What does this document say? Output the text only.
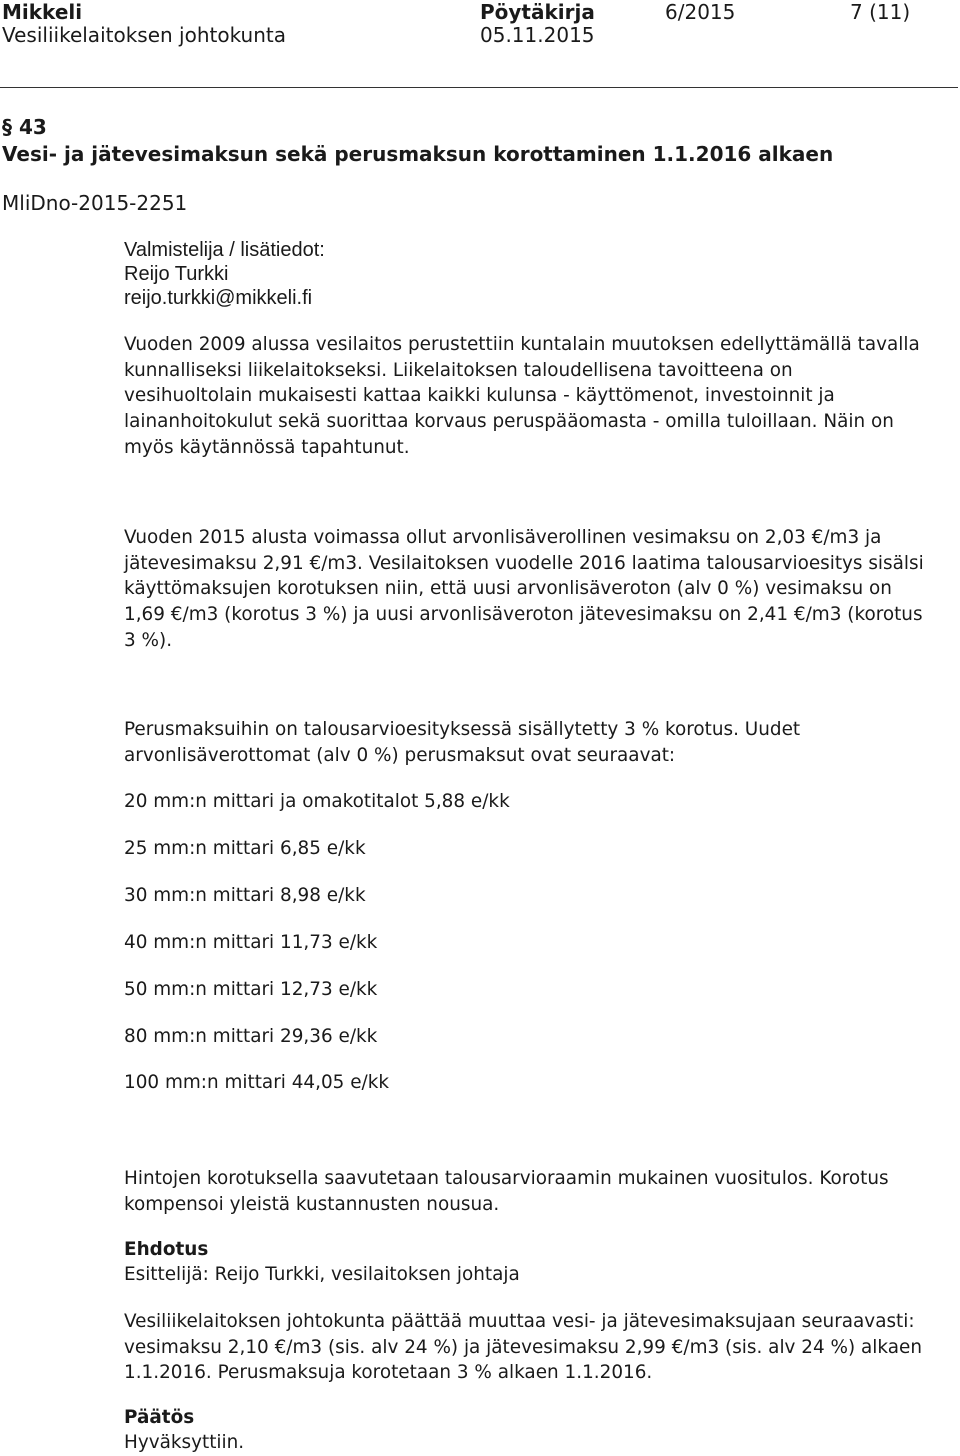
Mikkeli
Vesiliikelaitoksen johtokunta
Pöytäkirja
05.11.2015
6/2015	7 (11)
§ 43
Vesi- ja jätevesimaksun sekä perusmaksun korottaminen 1.1.2016 alkaen
MliDno-2015-2251
Valmistelija / lisätiedot:
Reijo Turkki
reijo.turkki@mikkeli.fi

Vuoden 2009 alussa vesilaitos perustettiin kuntalain muutoksen edellyttämällä tavalla kunnalliseksi liikelaitokseksi. Liikelaitoksen taloudellisena tavoitteena on vesihuoltolain mukaisesti kattaa kaikki kulunsa - käyttömenot, investoinnit ja lainanhoitokulut sekä suorittaa korvaus peruspääomasta - omilla tuloillaan. Näin on myös käytännössä tapahtunut.

Vuoden 2015 alusta voimassa ollut arvonlisäverollinen vesimaksu on 2,03 €/m3 ja jätevesimaksu 2,91 €/m3. Vesilaitoksen vuodelle 2016 laatima talousarvioesitys sisälsi käyttömaksujen korotuksen niin, että uusi arvonlisäveroton (alv 0 %) vesimaksu on 1,69 €/m3 (korotus 3 %) ja uusi arvonlisäveroton jätevesimaksu on 2,41 €/m3 (korotus 3 %).

Perusmaksuihin on talousarvioesityksessä sisällytetty 3 % korotus. Uudet arvonlisäverottomat (alv 0 %) perusmaksut ovat seuraavat:

20 mm:n mittari ja omakotitalot 5,88 e/kk
25 mm:n mittari 6,85 e/kk
30 mm:n mittari 8,98 e/kk
40 mm:n mittari 11,73 e/kk
50 mm:n mittari 12,73 e/kk
80 mm:n mittari 29,36 e/kk
100 mm:n mittari 44,05 e/kk

Hintojen korotuksella saavutetaan talousarvioraamin mukainen vuositulos. Korotus kompensoi yleistä kustannusten nousua.

Ehdotus
Esittelijä: Reijo Turkki, vesilaitoksen johtaja

Vesiliikelaitoksen johtokunta päättää muuttaa vesi- ja jätevesimaksujaan seuraavasti: vesimaksu 2,10 €/m3 (sis. alv 24 %) ja jätevesimaksu 2,99 €/m3 (sis. alv 24 %) alkaen 1.1.2016. Perusmaksuja korotetaan 3 % alkaen 1.1.2016.

Päätös
Hyväksyttiin.
